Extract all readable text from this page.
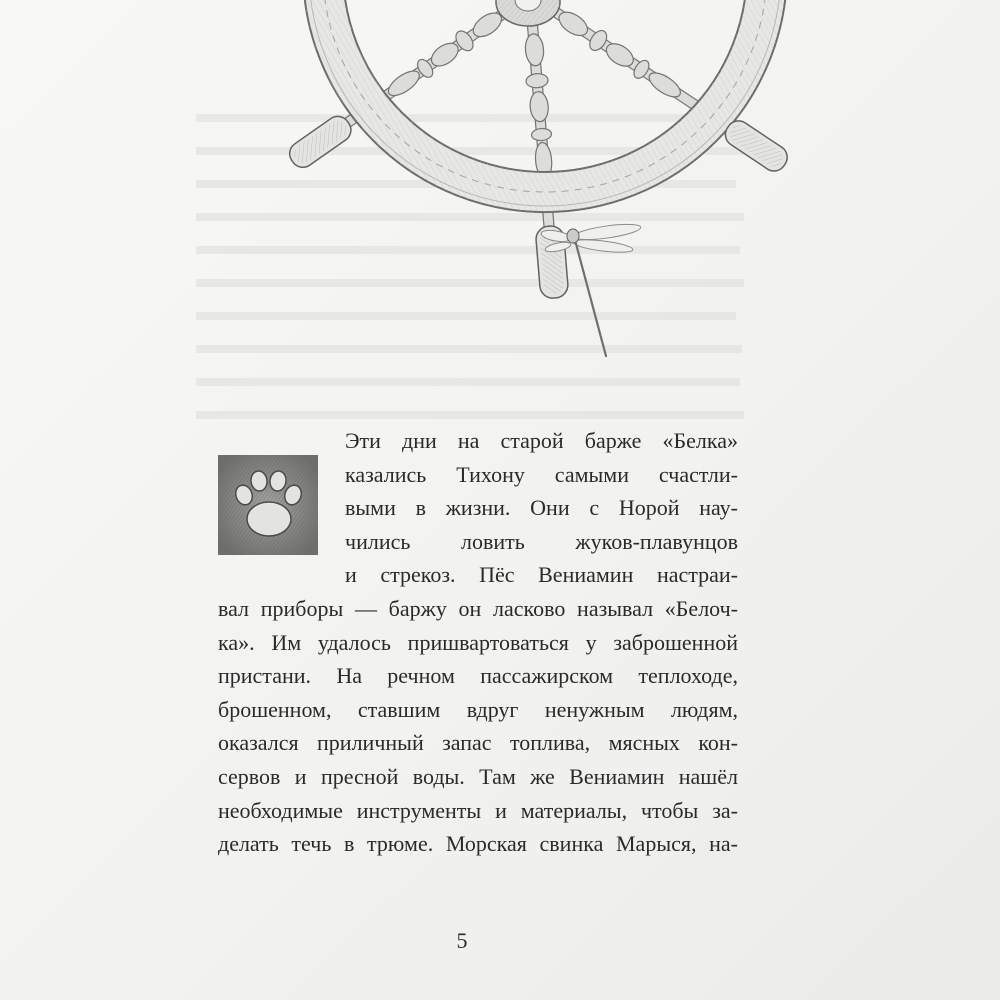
Эти дни на старой барже «Белка»
казались Тихону самыми счастли-
выми в жизни. Они с Норой нау-
чились ловить жуков-плавунцов
и стрекоз. Пёс Вениамин настраи-
вал приборы — баржу он ласково называл «Белоч-
ка». Им удалось пришвартоваться у заброшенной
пристани. На речном пассажирском теплоходе,
брошенном, ставшим вдруг ненужным людям,
оказался приличный запас топлива, мясных кон-
сервов и пресной воды. Там же Вениамин нашёл
необходимые инструменты и материалы, чтобы за-
делать течь в трюме. Морская свинка Марыся, на-
5
